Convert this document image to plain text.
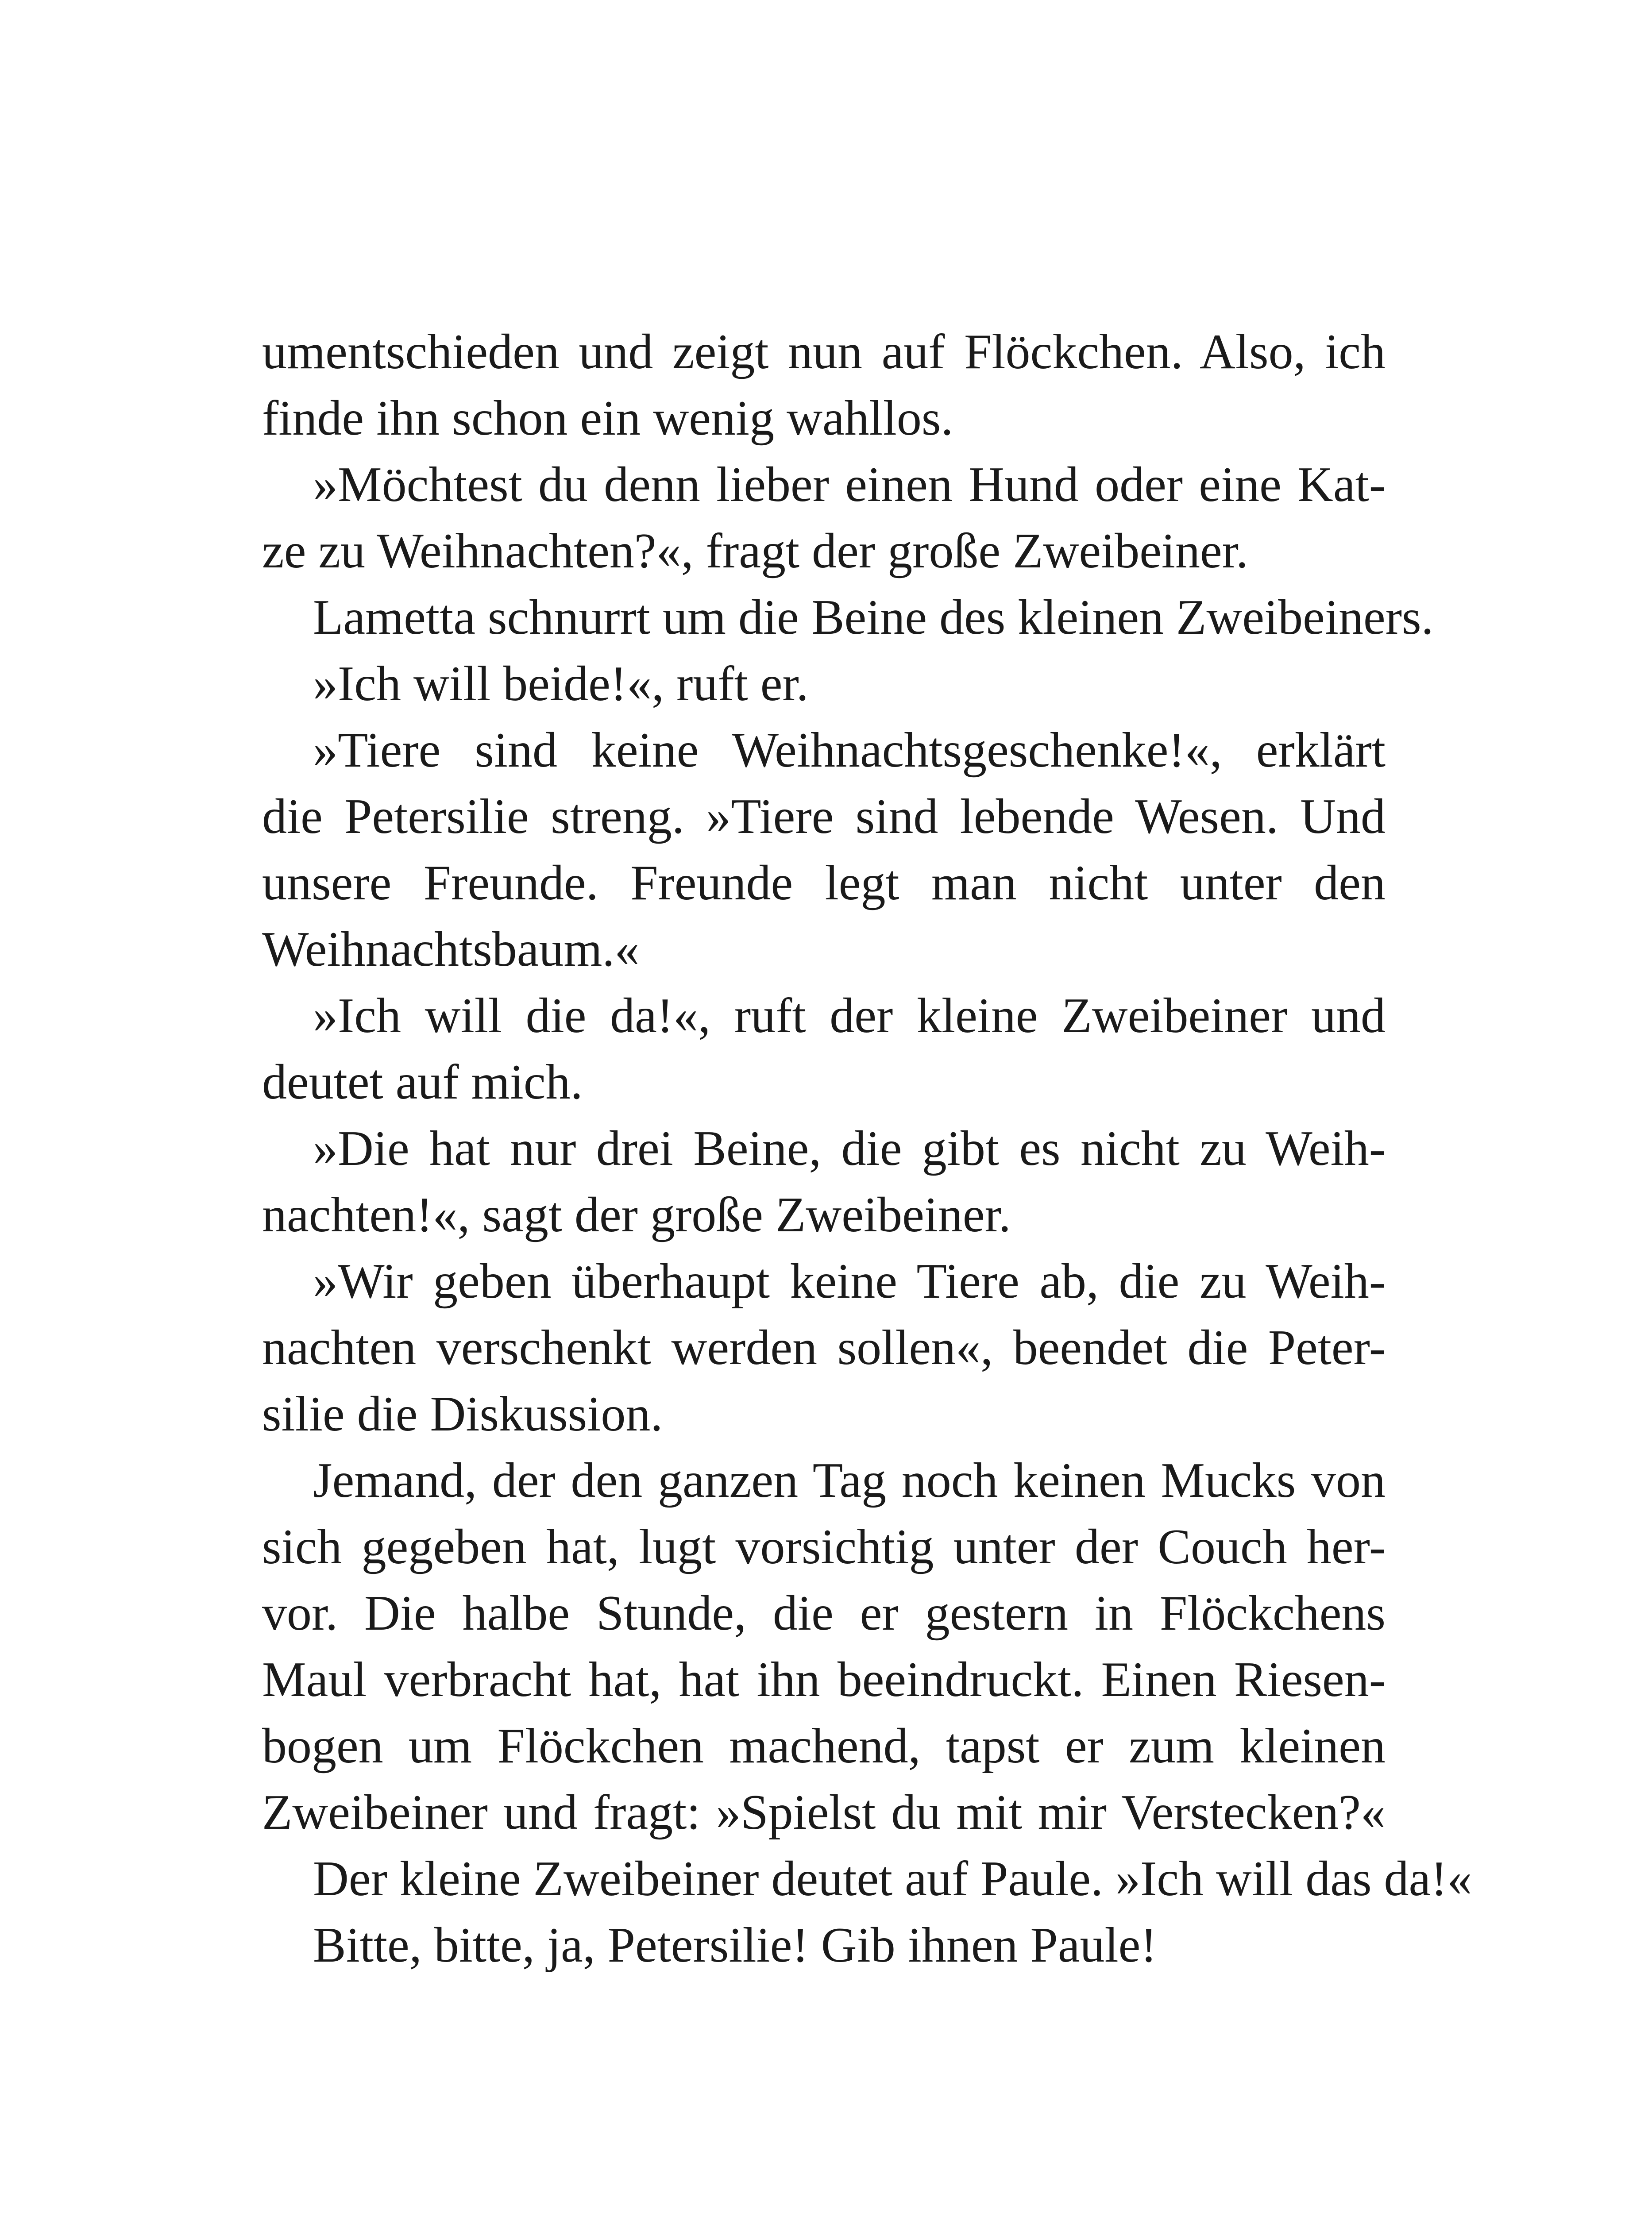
umentschieden und zeigt nun auf Flöckchen. Also, ich
finde ihn schon ein wenig wahllos.
»Möchtest du denn lieber einen Hund oder eine Kat-
ze zu Weihnachten?«, fragt der große Zweibeiner.
Lametta schnurrt um die Beine des kleinen Zweibeiners.
»Ich will beide!«, ruft er.
»Tiere sind keine Weihnachtsgeschenke!«, erklärt
die Petersilie streng. »Tiere sind lebende Wesen. Und
unsere Freunde. Freunde legt man nicht unter den
Weihnachtsbaum.«
»Ich will die da!«, ruft der kleine Zweibeiner und
deutet auf mich.
»Die hat nur drei Beine, die gibt es nicht zu Weih-
nachten!«, sagt der große Zweibeiner.
»Wir geben überhaupt keine Tiere ab, die zu Weih-
nachten verschenkt werden sollen«, beendet die Peter-
silie die Diskussion.
Jemand, der den ganzen Tag noch keinen Mucks von
sich gegeben hat, lugt vorsichtig unter der Couch her-
vor. Die halbe Stunde, die er gestern in Flöckchens
Maul verbracht hat, hat ihn beeindruckt. Einen Riesen-
bogen um Flöckchen machend, tapst er zum kleinen
Zweibeiner und fragt: »Spielst du mit mir Verstecken?«
Der kleine Zweibeiner deutet auf Paule. »Ich will das da!«
Bitte, bitte, ja, Petersilie! Gib ihnen Paule!
